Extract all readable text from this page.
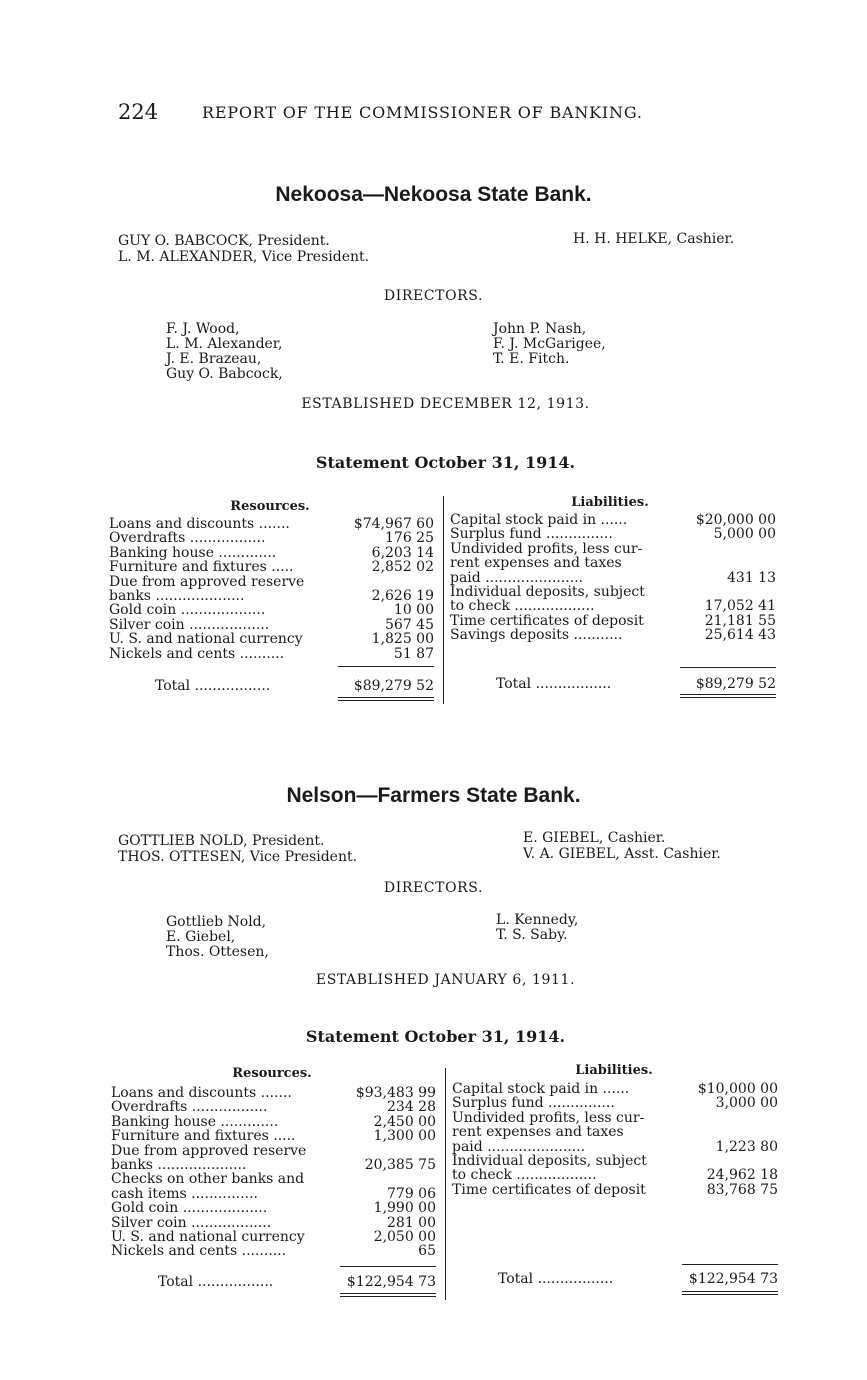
224	REPORT OF THE COMMISSIONER OF BANKING.
Nekoosa—Nekoosa State Bank.
GUY O. BABCOCK, President.
L. M. ALEXANDER, Vice President.
H. H. HELKE, Cashier.
DIRECTORS.
F. J. Wood,
L. M. Alexander,
J. E. Brazeau,
Guy O. Babcock,
John P. Nash,
F. J. McGarigee,
T. E. Fitch.
ESTABLISHED DECEMBER 12, 1913.
Statement October 31, 1914.
Resources.	Liabilities.
Loans and discounts .......	$74,967 60
Overdrafts .................	176 25
Banking house .............	6,203 14
Furniture and fixtures .....	2,852 02
Due from approved reserve
banks ....................	2,626 19
Gold coin ...................	10 00
Silver coin ..................	567 45
U. S. and national currency	1,825 00
Nickels and cents ..........	51 87
Total .................	$89,279 52
Capital stock paid in ......	$20,000 00
Surplus fund ...............	5,000 00
Undivided profits, less cur-
rent expenses and taxes
paid ......................	431 13
Individual deposits, subject
to check ..................	17,052 41
Time certificates of deposit	21,181 55
Savings deposits ...........	25,614 43
Total .................	$89,279 52
Nelson—Farmers State Bank.
GOTTLIEB NOLD, President.
THOS. OTTESEN, Vice President.
E. GIEBEL, Cashier.
V. A. GIEBEL, Asst. Cashier.
DIRECTORS.
Gottlieb Nold,
E. Giebel,
Thos. Ottesen,
L. Kennedy,
T. S. Saby.
ESTABLISHED JANUARY 6, 1911.
Statement October 31, 1914.
Resources.	Liabilities.
Loans and discounts .......	$93,483 99
Overdrafts .................	234 28
Banking house .............	2,450 00
Furniture and fixtures .....	1,300 00
Due from approved reserve
banks ....................	20,385 75
Checks on other banks and
cash items ...............	779 06
Gold coin ...................	1,990 00
Silver coin ..................	281 00
U. S. and national currency	2,050 00
Nickels and cents ..........	65
Total .................	$122,954 73
Capital stock paid in ......	$10,000 00
Surplus fund ...............	3,000 00
Undivided profits, less cur-
rent expenses and taxes
paid ......................	1,223 80
Individual deposits, subject
to check ..................	24,962 18
Time certificates of deposit	83,768 75
Total .................	$122,954 73
